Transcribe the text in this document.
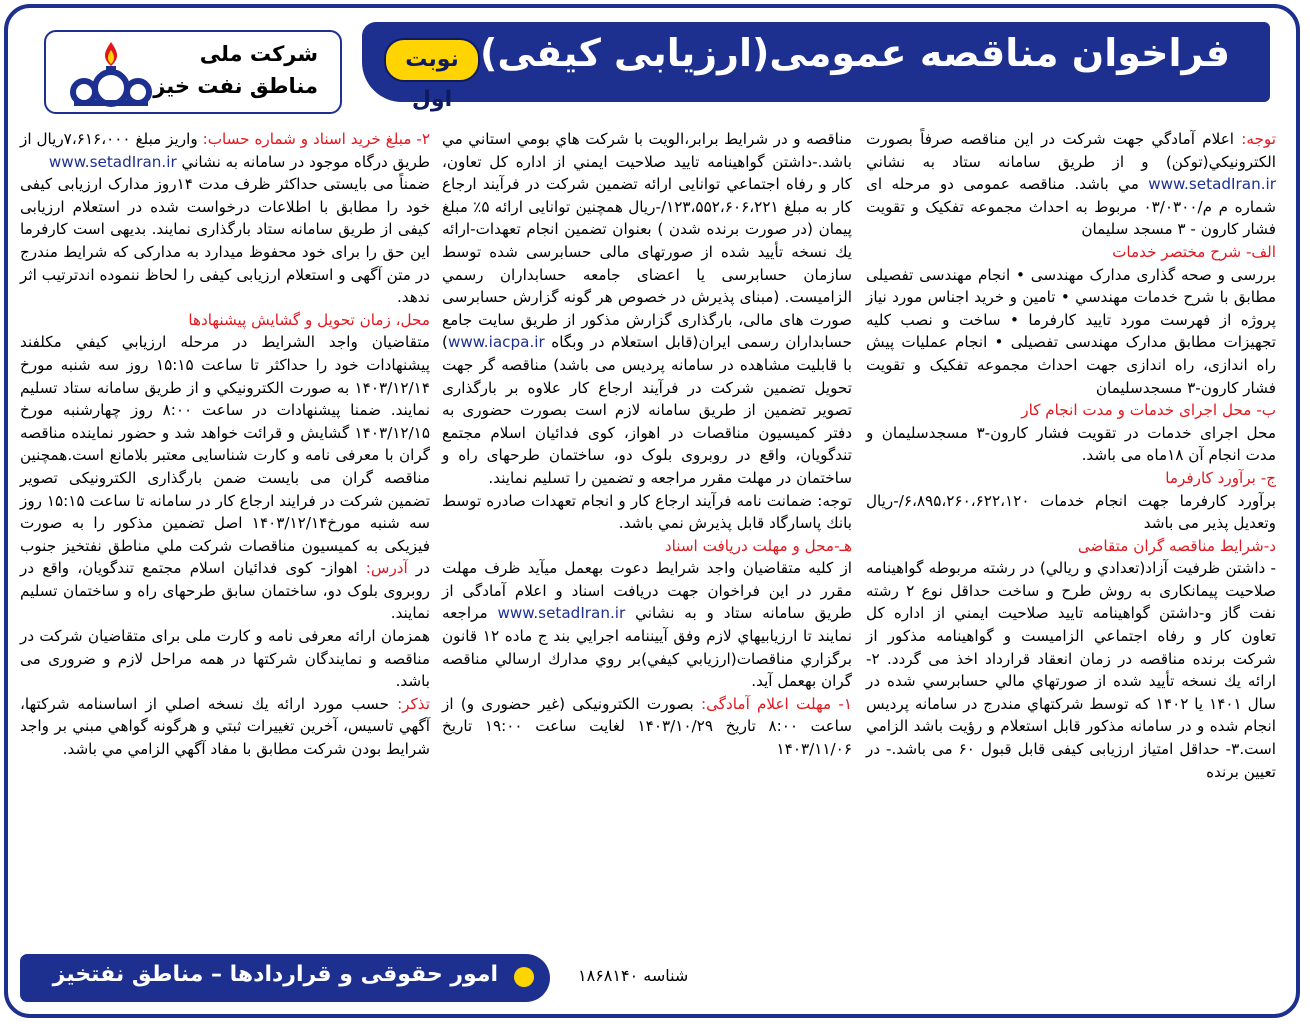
فراخوان مناقصه عمومی(ارزیابی کیفی)
نوبت اول
شرکت ملی
مناطق نفت خیز

توجه: اعلام آمادگي جهت شركت در اين مناقصه صرفاً بصورت الكترونيكي(توكن) و از طريق سامانه ستاد به نشاني www.setadIran.ir مي باشد. مناقصه عمومی دو مرحله ای شماره م م/۰۳/۰۳۰۰ مربوط به احداث مجموعه تفکیک و تقویت فشار کارون - ۳ مسجد سلیمان

الف- شرح مختصر خدمات

بررسی و صحه گذاری مدارک مهندسی • انجام مهندسی تفصیلی مطابق با شرح خدمات مهندسي • تامین و خرید اجناس مورد نیاز پروژه از فهرست مورد تایید کارفرما • ساخت و نصب کلیه تجهیزات مطابق مدارک مهندسی تفصیلی • انجام عملیات پیش راه اندازی، راه اندازی جهت احداث مجموعه تفکیک و تقویت فشار کارون-۳ مسجدسلیمان

ب- محل اجرای خدمات و مدت انجام کار

محل اجرای خدمات در تقویت فشار کارون-۳ مسجدسلیمان و مدت انجام آن ۱۸ماه می باشد.

ج- برآورد کارفرما

برآورد کارفرما جهت انجام خدمات ۶،۸۹۵،۲۶۰،۶۲۲،۱۲۰/-ریال وتعدیل پذیر می باشد

د-شرایط مناقصه گران متقاضی

- داشتن ظرفیت آزاد(تعدادي و ريالي) در رشته مربوطه گواهینامه صلاحیت پیمانکاری به روش طرح و ساخت حداقل نوع ۲ رشته نفت گاز و-داشتن گواهینامه تایید صلاحیت ایمني از اداره کل تعاون کار و رفاه اجتماعي الزامیست و گواهینامه مذکور از شرکت برنده مناقصه در زمان انعقاد قرارداد اخذ می گردد. ۲-ارائه يك نسخه تأييد شده از صورتهاي مالي حسابرسي شده در سال ۱۴۰۱ یا ۱۴۰۲ که توسط شرکتهاي مندرج در سامانه پردیس انجام شده و در سامانه مذکور قابل استعلام و رؤیت باشد الزامي است.۳- حداقل امتیاز ارزیابی کیفی قابل قبول ۶۰ می باشد.- در تعیین برنده

مناقصه و در شرايط برابر،الويت با شرکت هاي بومي استاني مي باشد.-داشتن گواهینامه تایید صلاحیت ایمني از اداره کل تعاون، کار و رفاه اجتماعي توانایی ارائه تضمین شرکت در فرآیند ارجاع کار به مبلغ ۱۲۳،۵۵۲،۶۰۶،۲۲۱/-ریال همچنین توانایی ارائه ۵٪ مبلغ پیمان (در صورت برنده شدن ) بعنوان تضمين انجام تعهدات-ارائه يك نسخه تأييد شده از صورتهاى مالی حسابرسی شده توسط سازمان حسابرسی یا اعضای جامعه حسابداران رسمي الزامیست. (مبنای پذیرش در خصوص هر گونه گزارش حسابرسی صورت های مالی، بارگذاری گزارش مذکور از طریق سایت جامع حسابداران رسمی ایران(قابل استعلام در وبگاه www.iacpa.ir) با قابليت مشاهده در سامانه پرديس می باشد) مناقصه گر جهت تحویل تضمین شرکت در فرآیند ارجاع کار علاوه بر بارگذاری تصویر تضمین از طریق سامانه لازم است بصورت حضوری به دفتر کمیسیون مناقصات در اهواز، کوی فدائیان اسلام مجتمع تندگويان، واقع در روبروی بلوک دو، ساختمان طرحهای راه و ساختمان در مهلت مقرر مراجعه و تضمین را تسلیم نمایند.

توجه: ضمانت نامه فرآیند ارجاع کار و انجام تعهدات صادره توسط بانك پاسارگاد قابل پذيرش نمي باشد.

هـ-محل و مهلت دریافت اسناد

از کلیه متقاضیان واجد شرایط دعوت بهعمل ميآيد ظرف مهلت مقرر در این فراخوان جهت دریافت اسناد و اعلام آمادگی از طریق سامانه ستاد و به نشاني www.setadIran.ir مراجعه نمايند تا ارزيابيهاي لازم وفق آييننامه اجرايي بند ج ماده ۱۲ قانون برگزاري مناقصات(ارزيابي كيفي)بر روي مدارك ارسالي مناقصه گران بهعمل آيد.

۱- مهلت اعلام آمادگی: بصورت الکترونیکی (غیر حضوری و) از ساعت ۸:۰۰ تاریخ ۱۴۰۳/۱۰/۲۹ لغایت ساعت ۱۹:۰۰ تاریخ ۱۴۰۳/۱۱/۰۶

۲- مبلغ خرید اسناد و شماره حساب: واریز مبلغ ۷،۶۱۶،۰۰۰ریال از طریق درگاه موجود در سامانه به نشاني www.setadIran.ir

ضمناً می بایستی حداکثر ظرف مدت ۱۴روز مدارک ارزیابی کیفی خود را مطابق با اطلاعات درخواست شده در استعلام ارزیابی کیفی از طریق سامانه ستاد بارگذاری نمایند. بدیهی است کارفرما این حق را برای خود محفوظ میدارد به مدارکی که شرایط مندرج در متن آگهی و استعلام ارزیابی کیفی را لحاظ ننموده اندترتیب اثر ندهد.

محل، زمان تحویل و گشایش پیشنهادها

متقاضيان واجد الشرايط در مرحله ارزيابي كيفي مکلفند پیشنهادات خود را حداکثر تا ساعت ۱۵:۱۵ روز سه شنبه مورخ ۱۴۰۳/۱۲/۱۴ به صورت الكترونيكي و از طريق سامانه ستاد تسلیم نمایند. ضمنا پیشنهادات در ساعت ۸:۰۰ روز چهارشنبه مورخ ۱۴۰۳/۱۲/۱۵ گشایش و قرائت خواهد شد و حضور نماینده مناقصه گران با معرفی نامه و کارت شناسایی معتبر بلامانع است.همچنین مناقصه گران می بایست ضمن بارگذاری الکترونیکی تصویر تضمین شرکت در فرایند ارجاع کار در سامانه تا ساعت ۱۵:۱۵ روز سه شنبه مورخ۱۴۰۳/۱۲/۱۴ اصل تضمین مذکور را به صورت فیزیکی به کمیسیون مناقصات شركت ملي مناطق نفتخيز جنوب در آدرس: اهواز- کوی فدائیان اسلام مجتمع تندگويان، واقع در روبروی بلوک دو، ساختمان سابق طرحهای راه و ساختمان تسلیم نمایند.

همزمان ارائه معرفی نامه و کارت ملی برای متقاضیان شرکت در مناقصه و نمایندگان شرکتها در همه مراحل لازم و ضروری می باشد.

تذكر: حسب مورد ارائه يك نسخه اصلي از اساسنامه شركتها، آگهي تاسيس، آخرين تغييرات ثبتي و هرگونه گواهي مبني بر واجد شرايط بودن شرکت مطابق با مفاد آگهي الزامي مي باشد.

امور حقوقی و قراردادها – مناطق نفتخیز	شناسه ۱۸۶۸۱۴۰
